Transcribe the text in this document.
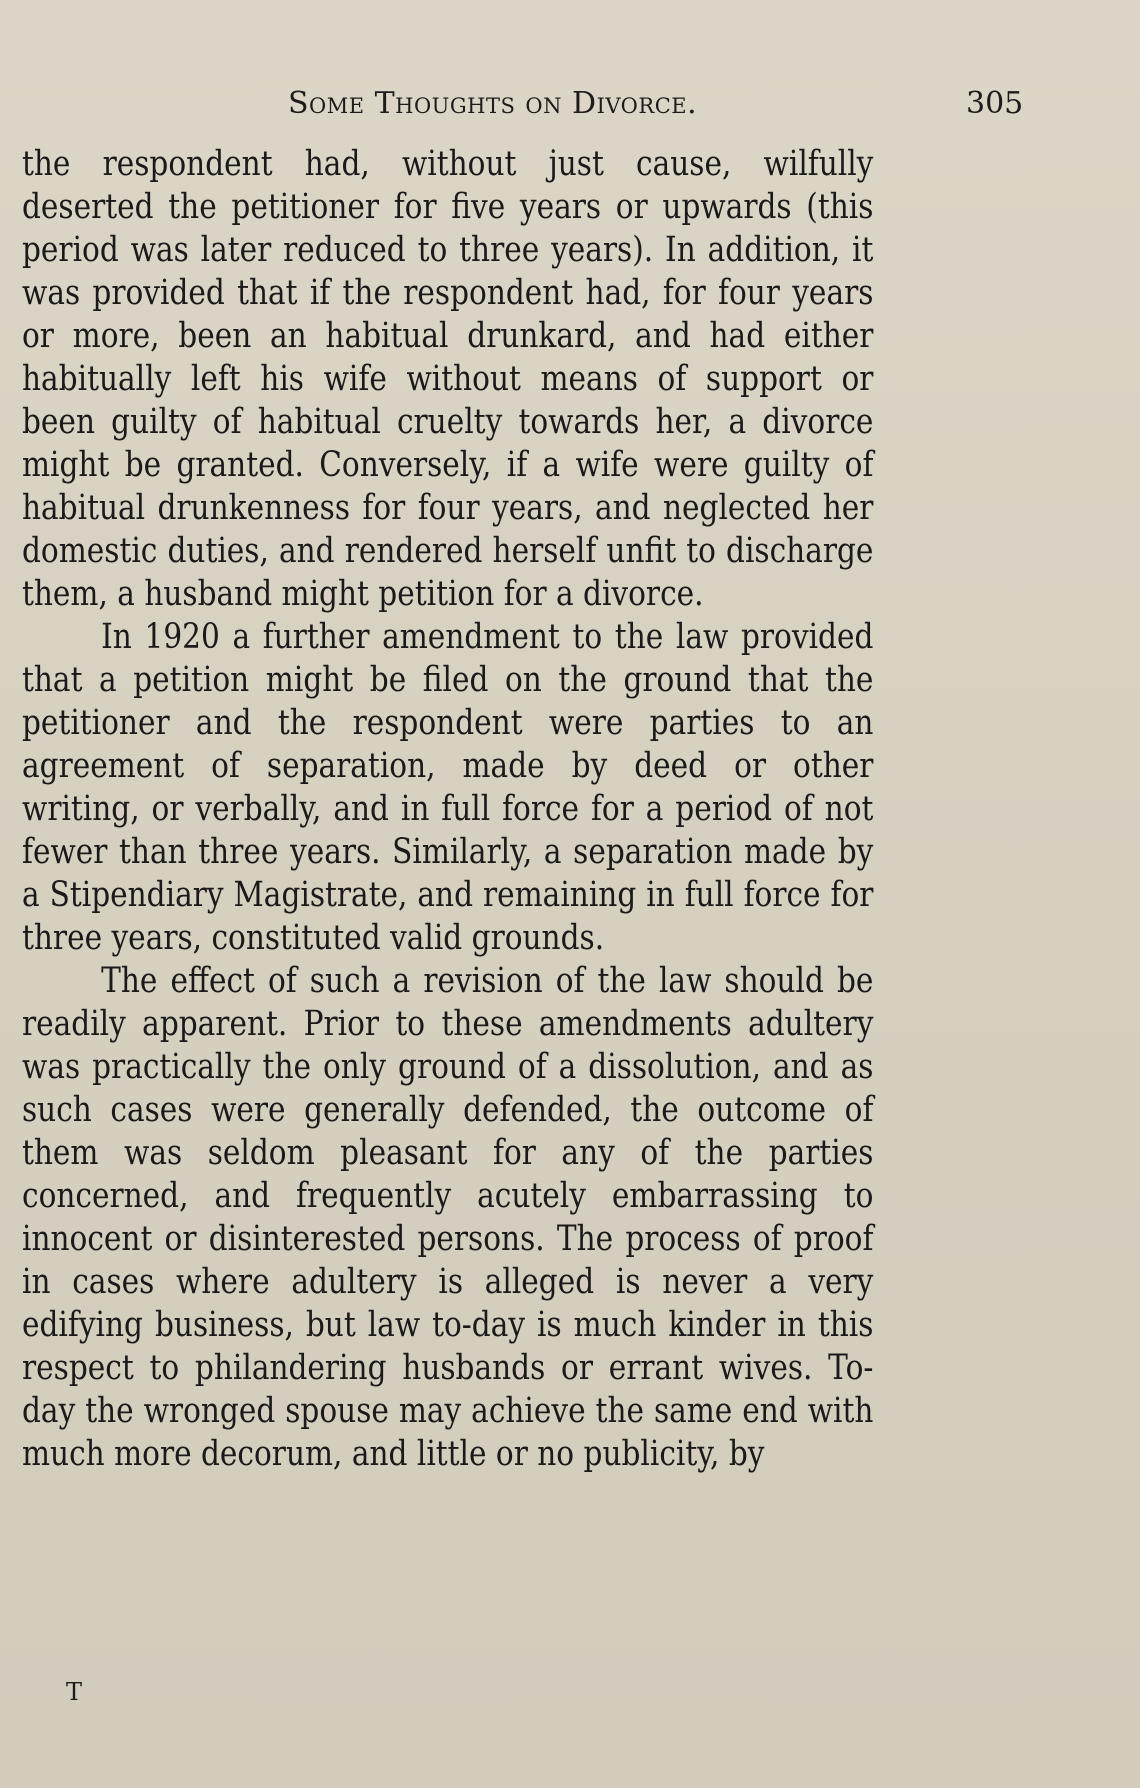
Some Thoughts on Divorce.	305

the respondent had, without just cause, wilfully deserted the petitioner for five years or upwards (this period was later reduced to three years). In addition, it was provided that if the respondent had, for four years or more, been an habitual drunkard, and had either habitually left his wife without means of support or been guilty of habitual cruelty towards her, a divorce might be granted. Conversely, if a wife were guilty of habitual drunkenness for four years, and neglected her domestic duties, and rendered herself unfit to discharge them, a husband might petition for a divorce.

In 1920 a further amendment to the law provided that a petition might be filed on the ground that the petitioner and the respondent were parties to an agreement of separation, made by deed or other writing, or verbally, and in full force for a period of not fewer than three years. Similarly, a separation made by a Stipendiary Magistrate, and remaining in full force for three years, constituted valid grounds.

The effect of such a revision of the law should be readily apparent. Prior to these amendments adultery was practically the only ground of a dissolution, and as such cases were generally defended, the outcome of them was seldom pleasant for any of the parties concerned, and frequently acutely embarrassing to innocent or disinterested persons. The process of proof in cases where adultery is alleged is never a very edifying business, but law to-day is much kinder in this respect to philandering husbands or errant wives. To-day the wronged spouse may achieve the same end with much more decorum, and little or no publicity, by

T
